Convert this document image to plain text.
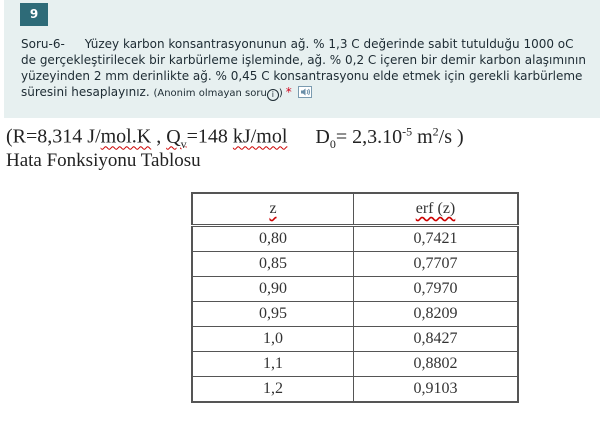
9
Soru-6- Yüzey karbon konsantrasyonunun ağ. % 1,3 C değerinde sabit tutulduğu 1000 oC de gerçekleştirilecek bir karbürleme işleminde, ağ. % 0,2 C içeren bir demir karbon alaşımının yüzeyinden 2 mm derinlikte ağ. % 0,45 C konsantrasyonu elde etmek için gerekli karbürleme süresini hesaplayınız. (Anonim olmayan soru i ) *
(R=8,314 J/mol.K , $Q_v=148$ kJ/mol $D_0= 2,3.10^{-5}$ $m^2/s$ )
Hata Fonksiyonu Tablosu
z	erf (z)
0,80	0,7421
0,85	0,7707
0,90	0,7970
0,95	0,8209
1,0	0,8427
1,1	0,8802
1,2	0,9103
